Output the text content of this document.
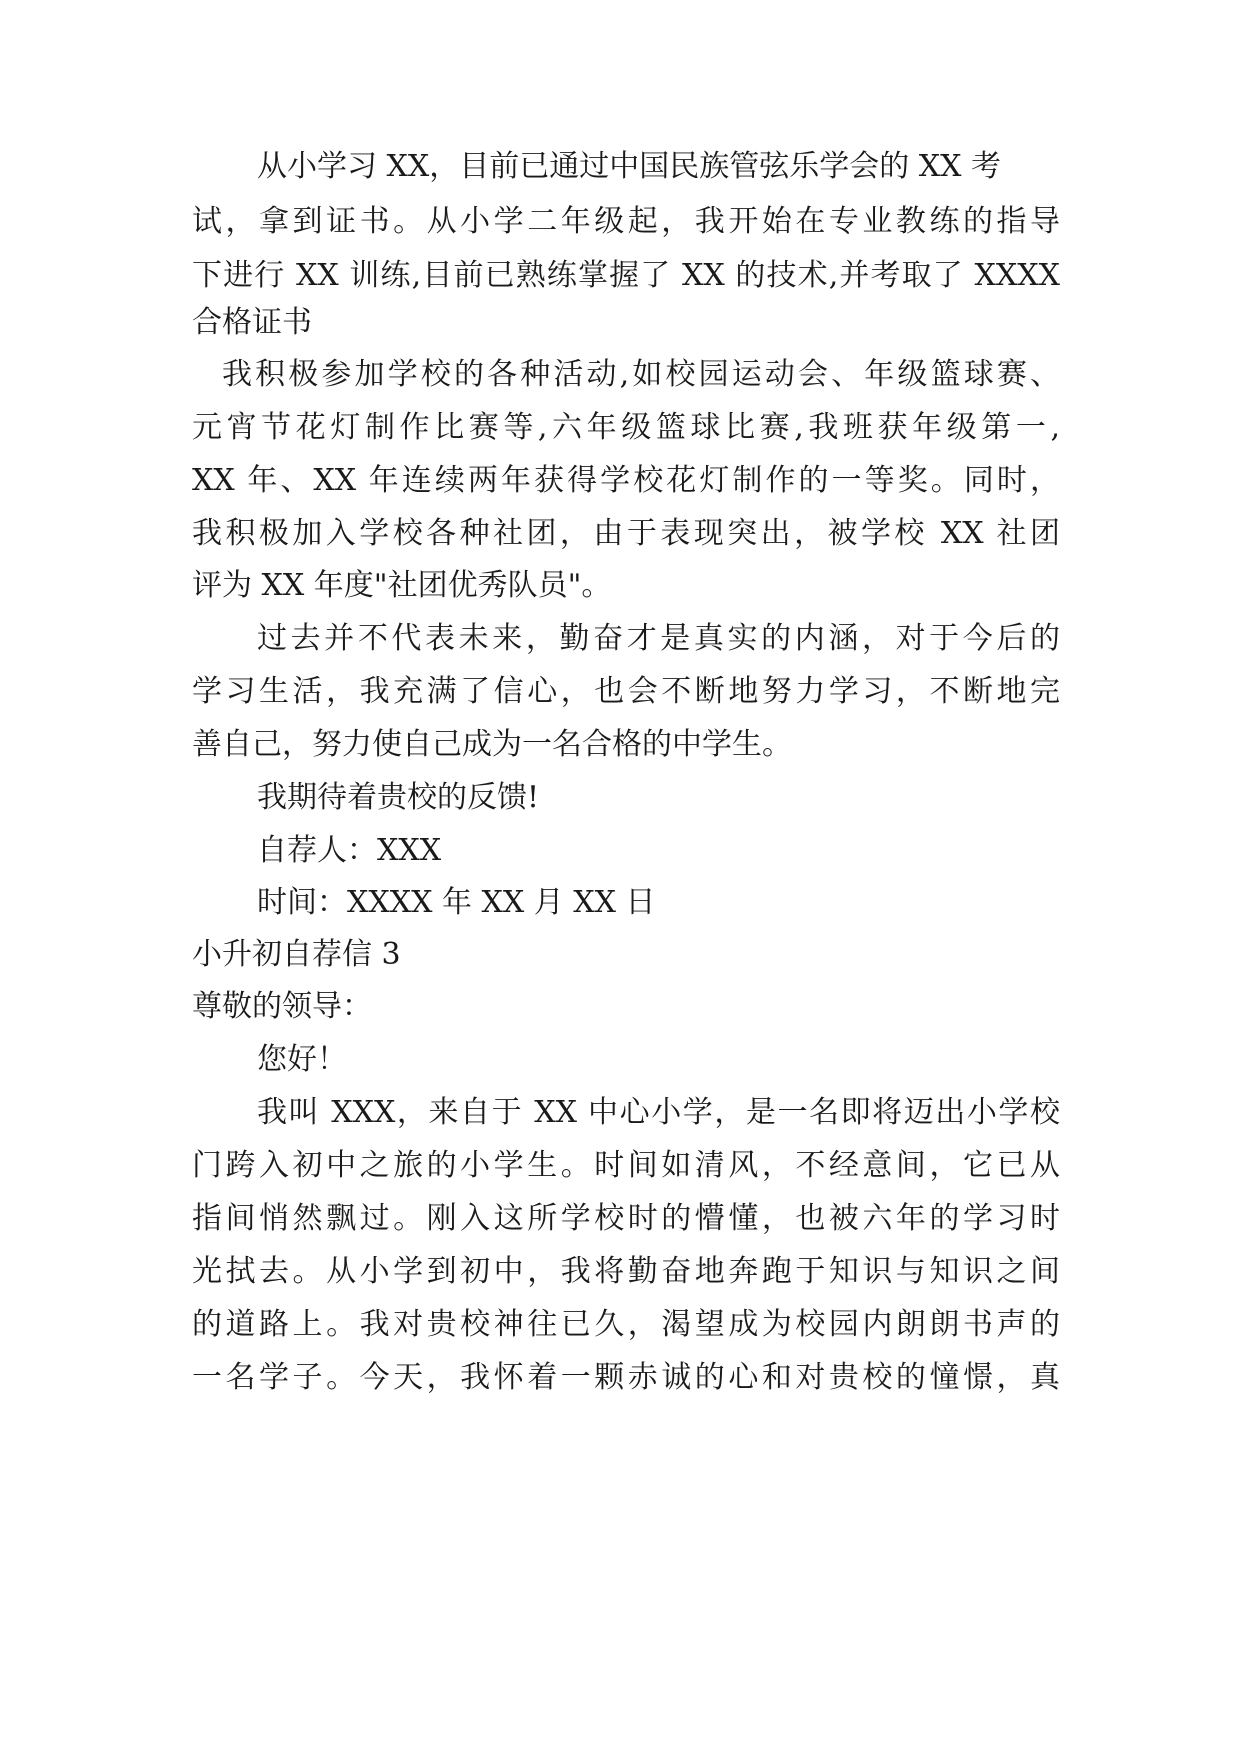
从小学习 XX，目前已通过中国民族管弦乐学会的 XX 考
试，拿到证书。从小学二年级起，我开始在专业教练的指导
下进行 XX 训练,目前已熟练掌握了 XX 的技术,并考取了 XXXX
合格证书
我积极参加学校的各种活动,如校园运动会、年级篮球赛、
元宵节花灯制作比赛等,六年级篮球比赛,我班获年级第一,
XX 年、XX 年连续两年获得学校花灯制作的一等奖。同时，
我积极加入学校各种社团，由于表现突出，被学校 XX 社团
评为 XX 年度"社团优秀队员"。
过去并不代表未来，勤奋才是真实的内涵，对于今后的
学习生活，我充满了信心，也会不断地努力学习，不断地完
善自己，努力使自己成为一名合格的中学生。
我期待着贵校的反馈!
自荐人：XXX
时间：XXXX 年 XX 月 XX 日
小升初自荐信 3
尊敬的领导：
您好！
我叫 XXX，来自于 XX 中心小学，是一名即将迈出小学校
门跨入初中之旅的小学生。时间如清风，不经意间，它已从
指间悄然飘过。刚入这所学校时的懵懂，也被六年的学习时
光拭去。从小学到初中，我将勤奋地奔跑于知识与知识之间
的道路上。我对贵校神往已久，渴望成为校园内朗朗书声的
一名学子。今天，我怀着一颗赤诚的心和对贵校的憧憬，真
